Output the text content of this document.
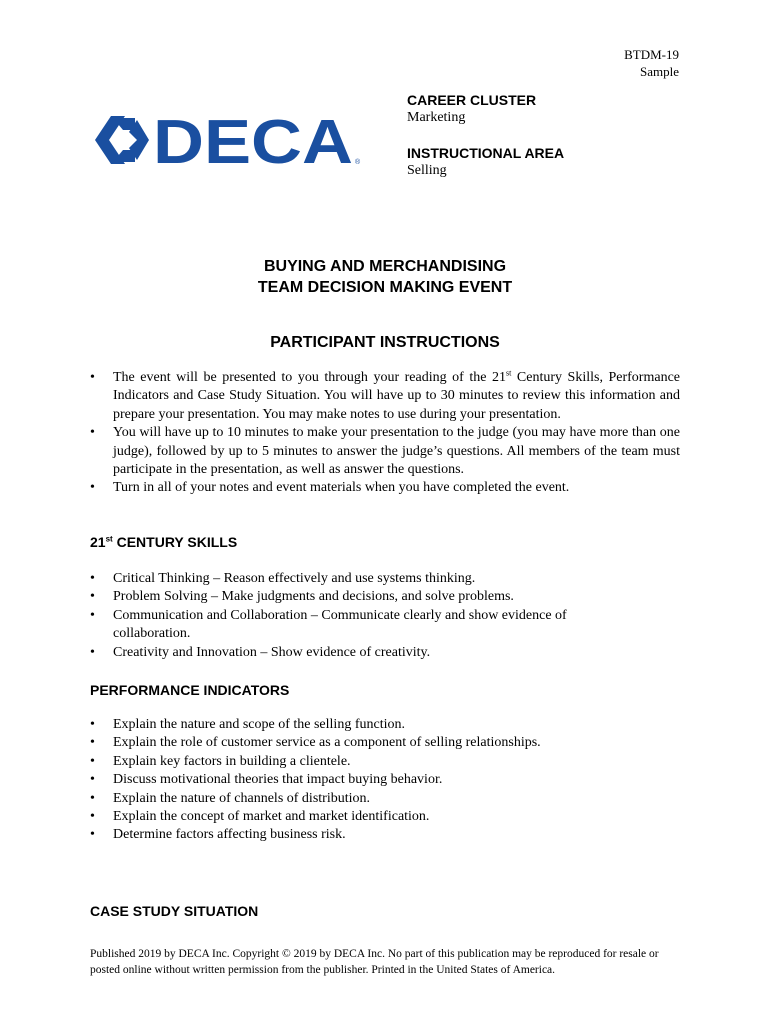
BTDM-19
Sample
DECA ®
CAREER CLUSTER
Marketing
INSTRUCTIONAL AREA
Selling
BUYING AND MERCHANDISING
TEAM DECISION MAKING EVENT
PARTICIPANT INSTRUCTIONS
• The event will be presented to you through your reading of the 21st Century Skills, Performance Indicators and Case Study Situation. You will have up to 30 minutes to review this information and prepare your presentation. You may make notes to use during your presentation.
• You will have up to 10 minutes to make your presentation to the judge (you may have more than one judge), followed by up to 5 minutes to answer the judge’s questions. All members of the team must participate in the presentation, as well as answer the questions.
• Turn in all of your notes and event materials when you have completed the event.
21st CENTURY SKILLS
• Critical Thinking – Reason effectively and use systems thinking.
• Problem Solving – Make judgments and decisions, and solve problems.
• Communication and Collaboration – Communicate clearly and show evidence of collaboration.
• Creativity and Innovation – Show evidence of creativity.
PERFORMANCE INDICATORS
• Explain the nature and scope of the selling function.
• Explain the role of customer service as a component of selling relationships.
• Explain key factors in building a clientele.
• Discuss motivational theories that impact buying behavior.
• Explain the nature of channels of distribution.
• Explain the concept of market and market identification.
• Determine factors affecting business risk.
CASE STUDY SITUATION
Published 2019 by DECA Inc. Copyright © 2019 by DECA Inc. No part of this publication may be reproduced for resale or posted online without written permission from the publisher. Printed in the United States of America.
